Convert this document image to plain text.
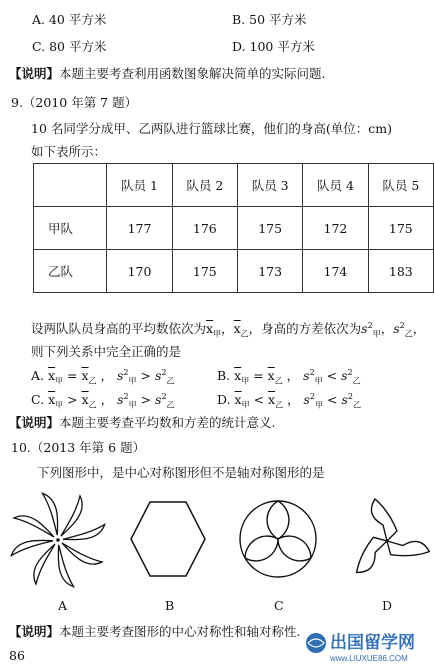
A. 40 平方米	B. 50 平方米
C. 80 平方米	D. 100 平方米
【说明】本题主要考查利用函数图象解决简单的实际问题.
9.（2010 年第 7 题）
10 名同学分成甲、乙两队进行篮球比赛，他们的身高(单位：cm)
如下表所示：
	队员 1	队员 2	队员 3	队员 4	队员 5
甲队	177	176	175	172	175
乙队	170	175	173	174	183
设两队队员身高的平均数依次为$\overline{x}_甲$，$\overline{x}_乙$，身高的方差依次为$s^2_甲$，$s^2_乙$，
则下列关系中完全正确的是
A. $\overline{x}_甲 = \overline{x}_乙$ ， $s^2_甲 > s^2_乙$	B. $\overline{x}_甲 = \overline{x}_乙$ ， $s^2_甲 < s^2_乙$
C. $\overline{x}_甲 > \overline{x}_乙$ ， $s^2_甲 > s^2_乙$	D. $\overline{x}_甲 < \overline{x}_乙$ ， $s^2_甲 < s^2_乙$
【说明】本题主要考查平均数和方差的统计意义.
10.（2013 年第 6 题）
下列图形中，是中心对称图形但不是轴对称图形的是
A	B	C	D
【说明】本题主要考查图形的中心对称性和轴对称性.
86
出国留学网
www.LIUXUE86.COM
